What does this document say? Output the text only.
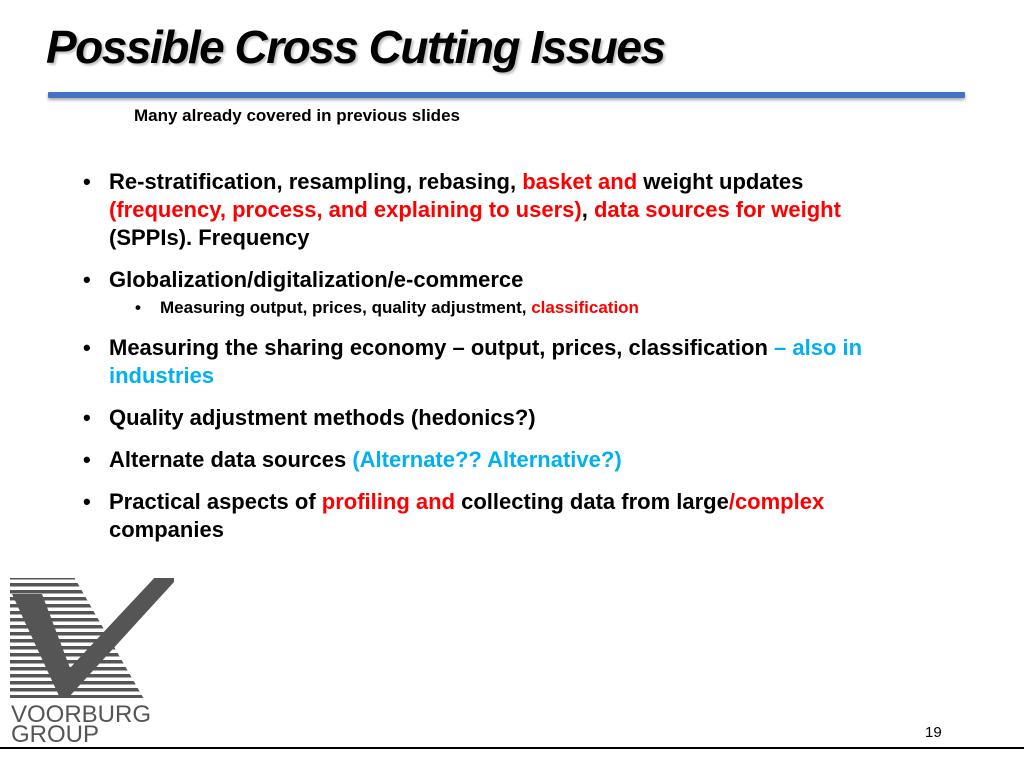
Possible Cross Cutting Issues
Many already covered in previous slides
• Re-stratification, resampling, rebasing, basket and weight updates (frequency, process, and explaining to users), data sources for weight (SPPIs). Frequency
• Globalization/digitalization/e-commerce
• Measuring output, prices, quality adjustment, classification
• Measuring the sharing economy – output, prices, classification – also in industries
• Quality adjustment methods (hedonics?)
• Alternate data sources (Alternate?? Alternative?)
• Practical aspects of profiling and collecting data from large/complex companies
VOORBURG
GROUP	19
